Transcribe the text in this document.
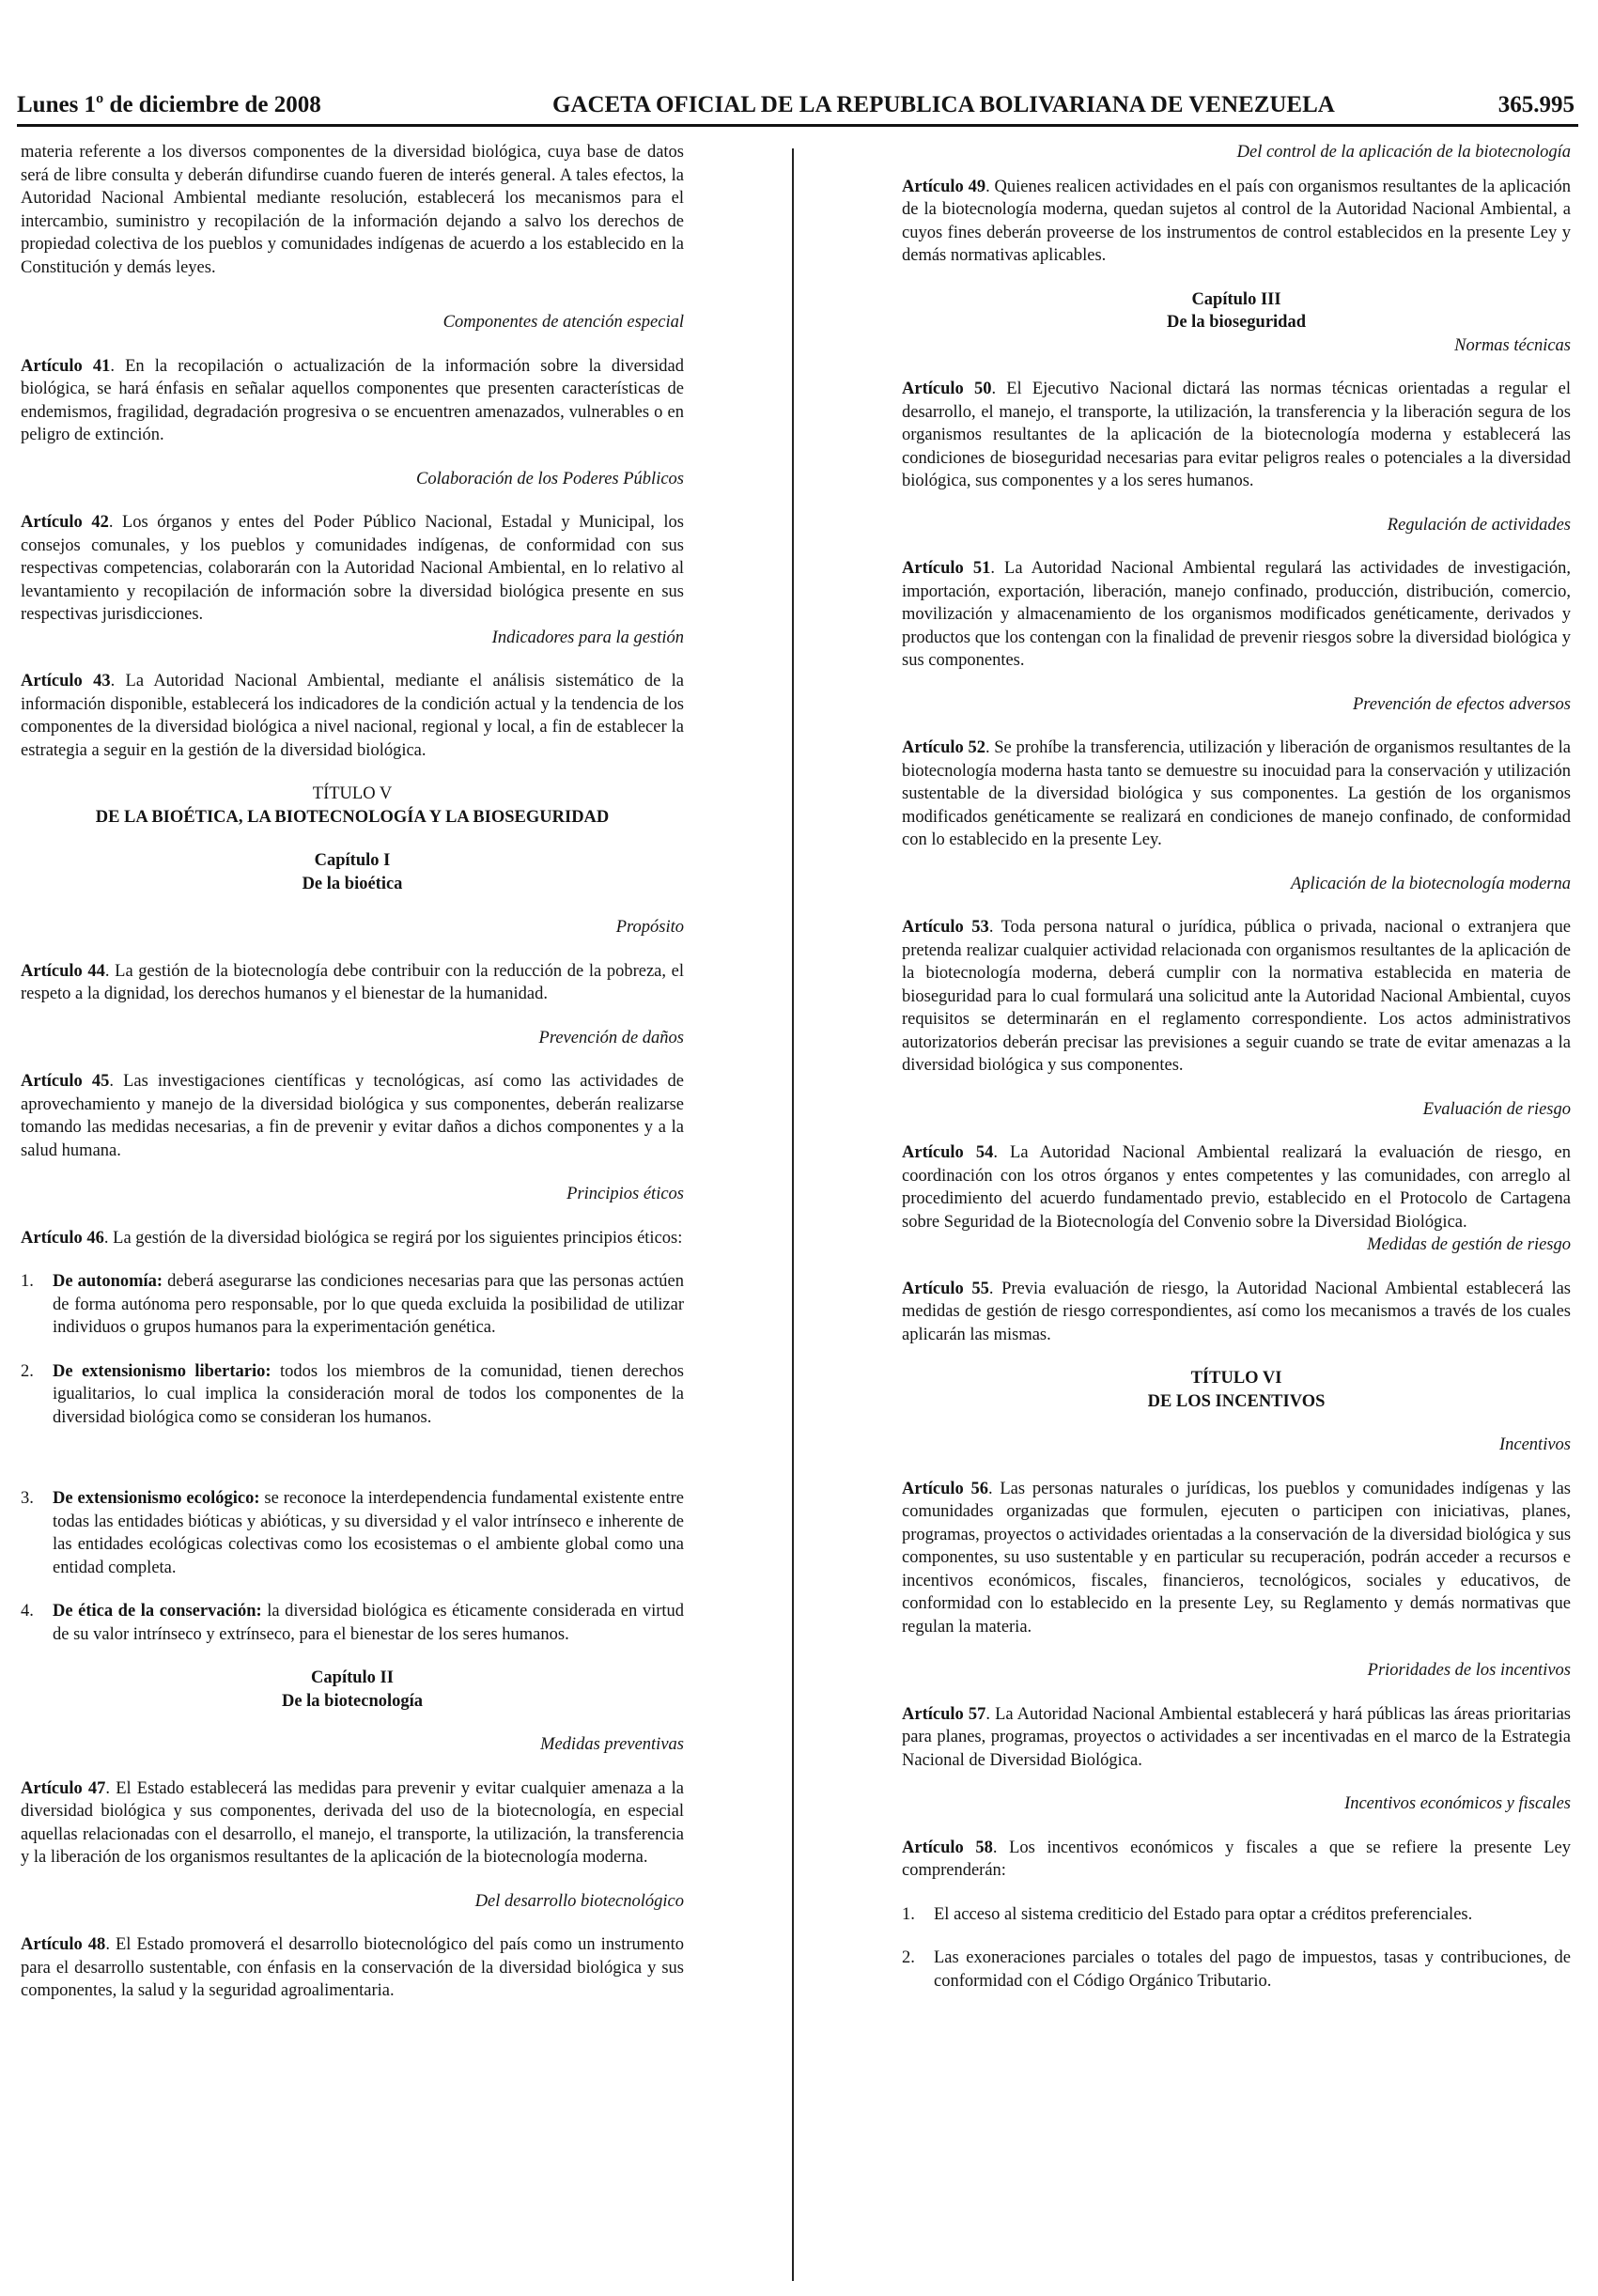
Lunes 1º de diciembre de 2008	GACETA OFICIAL DE LA REPUBLICA BOLIVARIANA DE VENEZUELA	365.995

materia referente a los diversos componentes de la diversidad biológica, cuya base de datos será de libre consulta y deberán difundirse cuando fueren de interés general. A tales efectos, la Autoridad Nacional Ambiental mediante resolución, establecerá los mecanismos para el intercambio, suministro y recopilación de la información dejando a salvo los derechos de propiedad colectiva de los pueblos y comunidades indígenas de acuerdo a los establecido en la Constitución y demás leyes.

Componentes de atención especial

Artículo 41. En la recopilación o actualización de la información sobre la diversidad biológica, se hará énfasis en señalar aquellos componentes que presenten características de endemismos, fragilidad, degradación progresiva o se encuentren amenazados, vulnerables o en peligro de extinción.

Colaboración de los Poderes Públicos

Artículo 42. Los órganos y entes del Poder Público Nacional, Estadal y Municipal, los consejos comunales, y los pueblos y comunidades indígenas, de conformidad con sus respectivas competencias, colaborarán con la Autoridad Nacional Ambiental, en lo relativo al levantamiento y recopilación de información sobre la diversidad biológica presente en sus respectivas jurisdicciones.

Indicadores para la gestión

Artículo 43. La Autoridad Nacional Ambiental, mediante el análisis sistemático de la información disponible, establecerá los indicadores de la condición actual y la tendencia de los componentes de la diversidad biológica a nivel nacional, regional y local, a fin de establecer la estrategia a seguir en la gestión de la diversidad biológica.

TÍTULO V

DE LA BIOÉTICA, LA BIOTECNOLOGÍA Y LA BIOSEGURIDAD

Capítulo I

De la bioética

Propósito

Artículo 44. La gestión de la biotecnología debe contribuir con la reducción de la pobreza, el respeto a la dignidad, los derechos humanos y el bienestar de la humanidad.

Prevención de daños

Artículo 45. Las investigaciones científicas y tecnológicas, así como las actividades de aprovechamiento y manejo de la diversidad biológica y sus componentes, deberán realizarse tomando las medidas necesarias, a fin de prevenir y evitar daños a dichos componentes y a la salud humana.

Principios éticos

Artículo 46. La gestión de la diversidad biológica se regirá por los siguientes principios éticos:

1. De autonomía: deberá asegurarse las condiciones necesarias para que las personas actúen de forma autónoma pero responsable, por lo que queda excluida la posibilidad de utilizar individuos o grupos humanos para la experimentación genética.
2. De extensionismo libertario: todos los miembros de la comunidad, tienen derechos igualitarios, lo cual implica la consideración moral de todos los componentes de la diversidad biológica como se consideran los humanos.
3. De extensionismo ecológico: se reconoce la interdependencia fundamental existente entre todas las entidades bióticas y abióticas, y su diversidad y el valor intrínseco e inherente de las entidades ecológicas colectivas como los ecosistemas o el ambiente global como una entidad completa.
4. De ética de la conservación: la diversidad biológica es éticamente considerada en virtud de su valor intrínseco y extrínseco, para el bienestar de los seres humanos.

Capítulo II

De la biotecnología

Medidas preventivas

Artículo 47. El Estado establecerá las medidas para prevenir y evitar cualquier amenaza a la diversidad biológica y sus componentes, derivada del uso de la biotecnología, en especial aquellas relacionadas con el desarrollo, el manejo, el transporte, la utilización, la transferencia y la liberación de los organismos resultantes de la aplicación de la biotecnología moderna.

Del desarrollo biotecnológico

Artículo 48. El Estado promoverá el desarrollo biotecnológico del país como un instrumento para el desarrollo sustentable, con énfasis en la conservación de la diversidad biológica y sus componentes, la salud y la seguridad agroalimentaria.

Del control de la aplicación de la biotecnología

Artículo 49. Quienes realicen actividades en el país con organismos resultantes de la aplicación de la biotecnología moderna, quedan sujetos al control de la Autoridad Nacional Ambiental, a cuyos fines deberán proveerse de los instrumentos de control establecidos en la presente Ley y demás normativas aplicables.

Capítulo III

De la bioseguridad

Normas técnicas

Artículo 50. El Ejecutivo Nacional dictará las normas técnicas orientadas a regular el desarrollo, el manejo, el transporte, la utilización, la transferencia y la liberación segura de los organismos resultantes de la aplicación de la biotecnología moderna y establecerá las condiciones de bioseguridad necesarias para evitar peligros reales o potenciales a la diversidad biológica, sus componentes y a los seres humanos.

Regulación de actividades

Artículo 51. La Autoridad Nacional Ambiental regulará las actividades de investigación, importación, exportación, liberación, manejo confinado, producción, distribución, comercio, movilización y almacenamiento de los organismos modificados genéticamente, derivados y productos que los contengan con la finalidad de prevenir riesgos sobre la diversidad biológica y sus componentes.

Prevención de efectos adversos

Artículo 52. Se prohíbe la transferencia, utilización y liberación de organismos resultantes de la biotecnología moderna hasta tanto se demuestre su inocuidad para la conservación y utilización sustentable de la diversidad biológica y sus componentes. La gestión de los organismos modificados genéticamente se realizará en condiciones de manejo confinado, de conformidad con lo establecido en la presente Ley.

Aplicación de la biotecnología moderna

Artículo 53. Toda persona natural o jurídica, pública o privada, nacional o extranjera que pretenda realizar cualquier actividad relacionada con organismos resultantes de la aplicación de la biotecnología moderna, deberá cumplir con la normativa establecida en materia de bioseguridad para lo cual formulará una solicitud ante la Autoridad Nacional Ambiental, cuyos requisitos se determinarán en el reglamento correspondiente. Los actos administrativos autorizatorios deberán precisar las previsiones a seguir cuando se trate de evitar amenazas a la diversidad biológica y sus componentes.

Evaluación de riesgo

Artículo 54. La Autoridad Nacional Ambiental realizará la evaluación de riesgo, en coordinación con los otros órganos y entes competentes y las comunidades, con arreglo al procedimiento del acuerdo fundamentado previo, establecido en el Protocolo de Cartagena sobre Seguridad de la Biotecnología del Convenio sobre la Diversidad Biológica.

Medidas de gestión de riesgo

Artículo 55. Previa evaluación de riesgo, la Autoridad Nacional Ambiental establecerá las medidas de gestión de riesgo correspondientes, así como los mecanismos a través de los cuales aplicarán las mismas.

TÍTULO VI

DE LOS INCENTIVOS

Incentivos

Artículo 56. Las personas naturales o jurídicas, los pueblos y comunidades indígenas y las comunidades organizadas que formulen, ejecuten o participen con iniciativas, planes, programas, proyectos o actividades orientadas a la conservación de la diversidad biológica y sus componentes, su uso sustentable y en particular su recuperación, podrán acceder a recursos e incentivos económicos, fiscales, financieros, tecnológicos, sociales y educativos, de conformidad con lo establecido en la presente Ley, su Reglamento y demás normativas que regulan la materia.

Prioridades de los incentivos

Artículo 57. La Autoridad Nacional Ambiental establecerá y hará públicas las áreas prioritarias para planes, programas, proyectos o actividades a ser incentivadas en el marco de la Estrategia Nacional de Diversidad Biológica.

Incentivos económicos y fiscales

Artículo 58. Los incentivos económicos y fiscales a que se refiere la presente Ley comprenderán:

1. El acceso al sistema crediticio del Estado para optar a créditos preferenciales.
2. Las exoneraciones parciales o totales del pago de impuestos, tasas y contribuciones, de conformidad con el Código Orgánico Tributario.
